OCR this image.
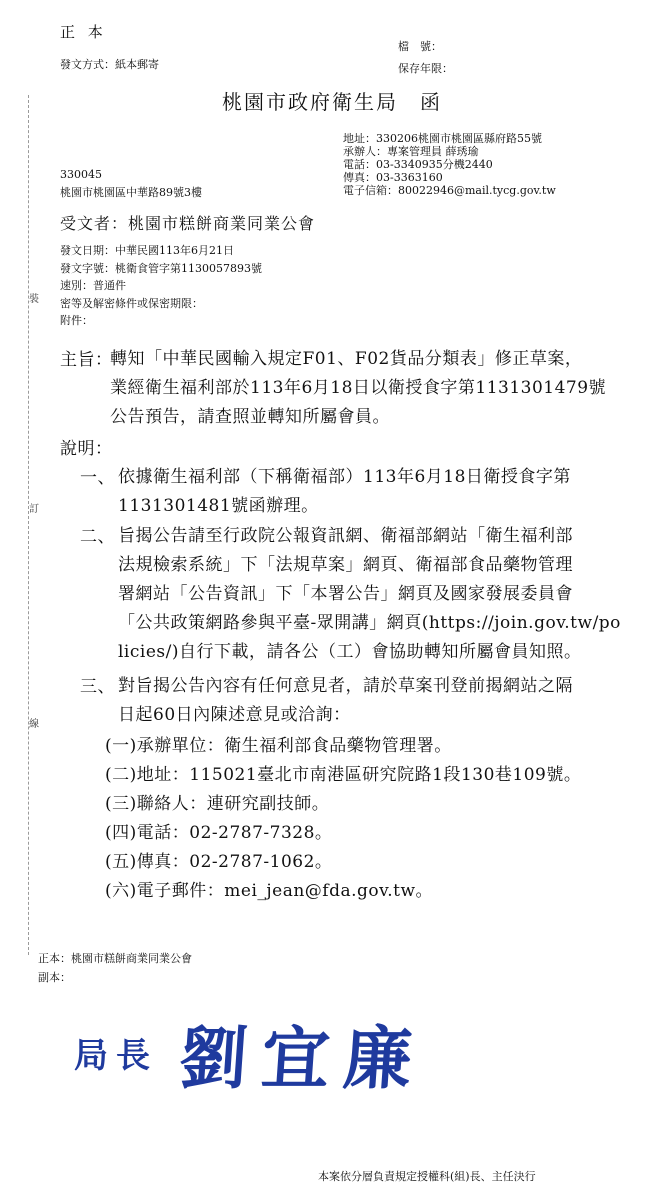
正 本
發文方式：紙本郵寄
檔　號：
保存年限：
裝
訂
線
桃園市政府衛生局　函
地址：330206桃園市桃園區縣府路55號
承辦人：專案管理員 薛琇瑜
電話：03-3340935分機2440
傳真：03-3363160
電子信箱：80022946@mail.tycg.gov.tw
330045
桃園市桃園區中華路89號3樓
受文者：桃園市糕餅商業同業公會
發文日期：中華民國113年6月21日
發文字號：桃衛食管字第1130057893號
速別：普通件
密等及解密條件或保密期限：
附件：
主旨：
轉知「中華民國輸入規定F01、F02貨品分類表」修正草案，
業經衛生福利部於113年6月18日以衛授食字第1131301479號
公告預告，請查照並轉知所屬會員。
說明：
一、 依據衛生福利部（下稱衛福部）113年6月18日衛授食字第
1131301481號函辦理。
二、 旨揭公告請至行政院公報資訊網、衛福部網站「衛生福利部
法規檢索系統」下「法規草案」網頁、衛福部食品藥物管理
署網站「公告資訊」下「本署公告」網頁及國家發展委員會
「公共政策網路參與平臺-眾開講」網頁(https://join.gov.tw/po
licies/)自行下載，請各公（工）會協助轉知所屬會員知照。
三、 對旨揭公告內容有任何意見者，請於草案刊登前揭網站之隔
日起60日內陳述意見或洽詢：
(一)承辦單位：衛生福利部食品藥物管理署。
(二)地址：115021臺北市南港區研究院路1段130巷109號。
(三)聯絡人：連研究副技師。
(四)電話：02-2787-7328。
(五)傳真：02-2787-1062。
(六)電子郵件：mei_jean@fda.gov.tw。
正本：桃園市糕餅商業同業公會
副本：
局長 劉宜廉
本案依分層負責規定授權科(組)長、主任決行
